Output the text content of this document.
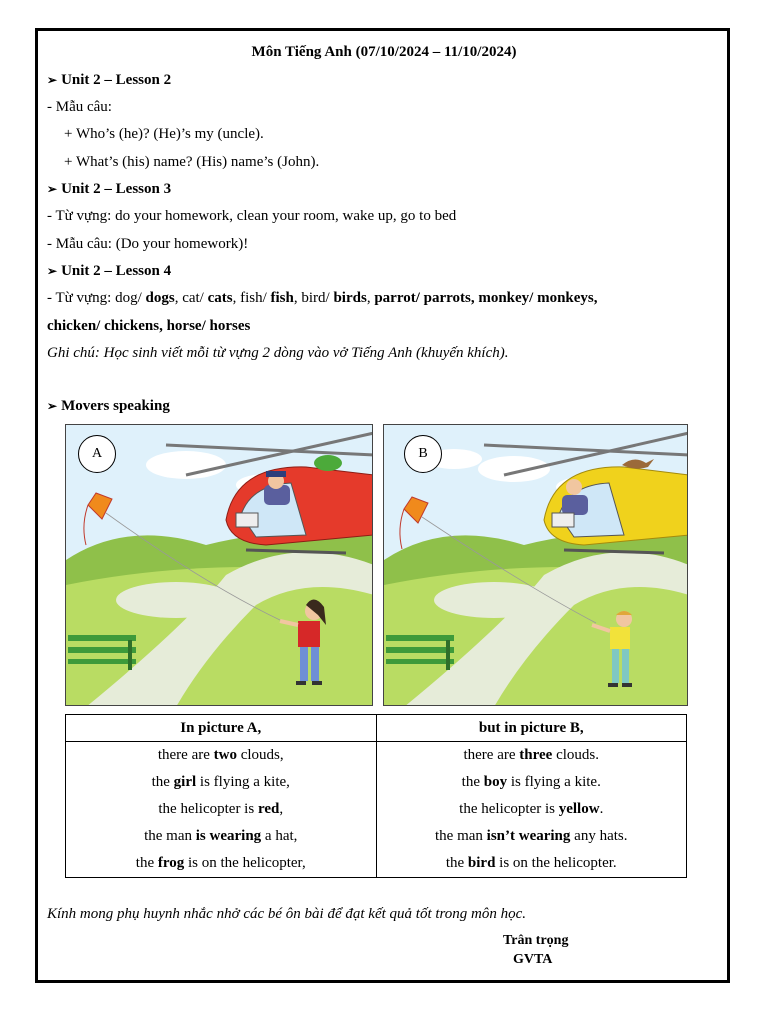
Môn Tiếng Anh (07/10/2024 – 11/10/2024)
➢ Unit 2 – Lesson 2
- Mẫu câu:
+ Who’s (he)? (He)’s my (uncle).
+ What’s (his) name? (His) name’s (John).
➢ Unit 2 – Lesson 3
- Từ vựng: do your homework, clean your room, wake up, go to bed
- Mẫu câu: (Do your homework)!
➢ Unit 2 – Lesson 4
- Từ vựng: dog/ dogs, cat/ cats, fish/ fish, bird/ birds, parrot/ parrots, monkey/ monkeys,
chicken/ chickens, horse/ horses
Ghi chú: Học sinh viết mỗi từ vựng 2 dòng vào vở Tiếng Anh (khuyến khích).
➢ Movers speaking
A	B
In picture A,	but in picture B,
there are two clouds,	there are three clouds.
the girl is flying a kite,	the boy is flying a kite.
the helicopter is red,	the helicopter is yellow.
the man is wearing a hat,	the man isn’t wearing any hats.
the frog is on the helicopter,	the bird is on the helicopter.
Kính mong phụ huynh nhắc nhở các bé ôn bài để đạt kết quả tốt trong môn học.
Trân trọng
GVTA
